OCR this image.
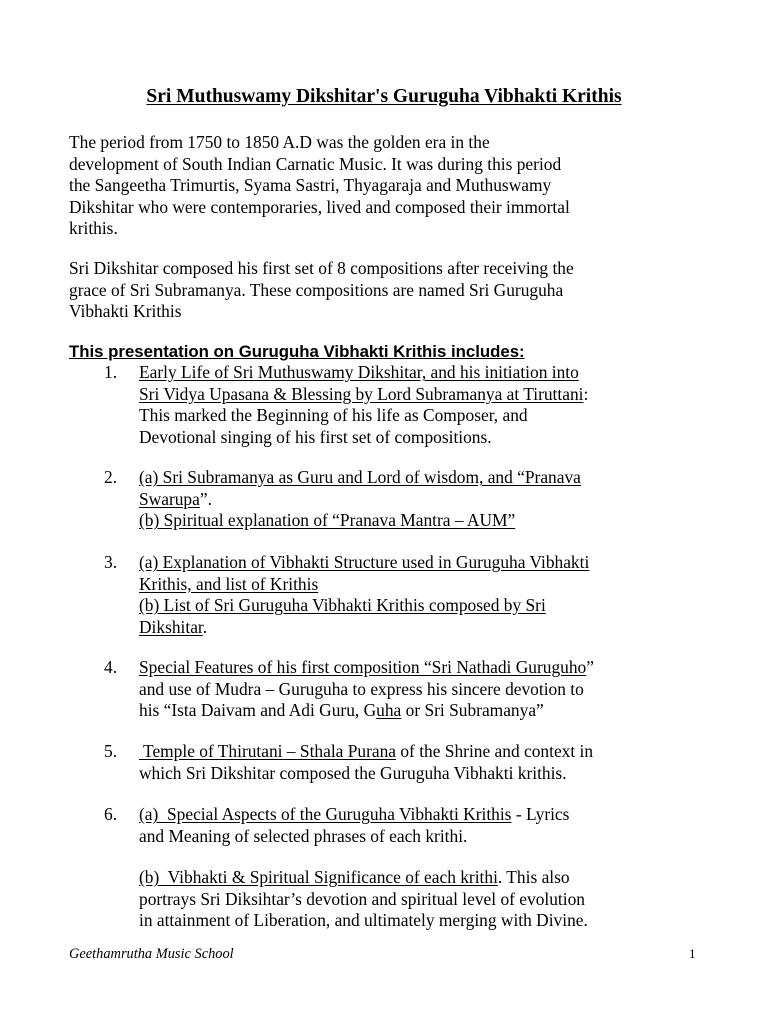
Sri Muthuswamy Dikshitar's Guruguha Vibhakti Krithis
The period from 1750 to 1850 A.D was the golden era in the
development of South Indian Carnatic Music. It was during this period
the Sangeetha Trimurtis, Syama Sastri, Thyagaraja and Muthuswamy
Dikshitar who were contemporaries, lived and composed their immortal
krithis.
Sri Dikshitar composed his first set of 8 compositions after receiving the
grace of Sri Subramanya. These compositions are named Sri Guruguha
Vibhakti Krithis
This presentation on Guruguha Vibhakti Krithis includes:
1. Early Life of Sri Muthuswamy Dikshitar, and his initiation into
Sri Vidya Upasana & Blessing by Lord Subramanya at Tiruttani:
This marked the Beginning of his life as Composer, and
Devotional singing of his first set of compositions.
2. (a) Sri Subramanya as Guru and Lord of wisdom, and “Pranava
Swarupa”.
(b) Spiritual explanation of “Pranava Mantra – AUM”
3. (a) Explanation of Vibhakti Structure used in Guruguha Vibhakti
Krithis, and list of Krithis
(b) List of Sri Guruguha Vibhakti Krithis composed by Sri
Dikshitar.
4. Special Features of his first composition “Sri Nathadi Guruguho”
and use of Mudra – Guruguha to express his sincere devotion to
his “Ista Daivam and Adi Guru, Guha or Sri Subramanya”
5. Temple of Thirutani – Sthala Purana of the Shrine and context in
which Sri Dikshitar composed the Guruguha Vibhakti krithis.
6. (a)  Special Aspects of the Guruguha Vibhakti Krithis - Lyrics
and Meaning of selected phrases of each krithi.
(b)  Vibhakti & Spiritual Significance of each krithi. This also
portrays Sri Diksihtar’s devotion and spiritual level of evolution
in attainment of Liberation, and ultimately merging with Divine.
Geethamrutha Music School	1
